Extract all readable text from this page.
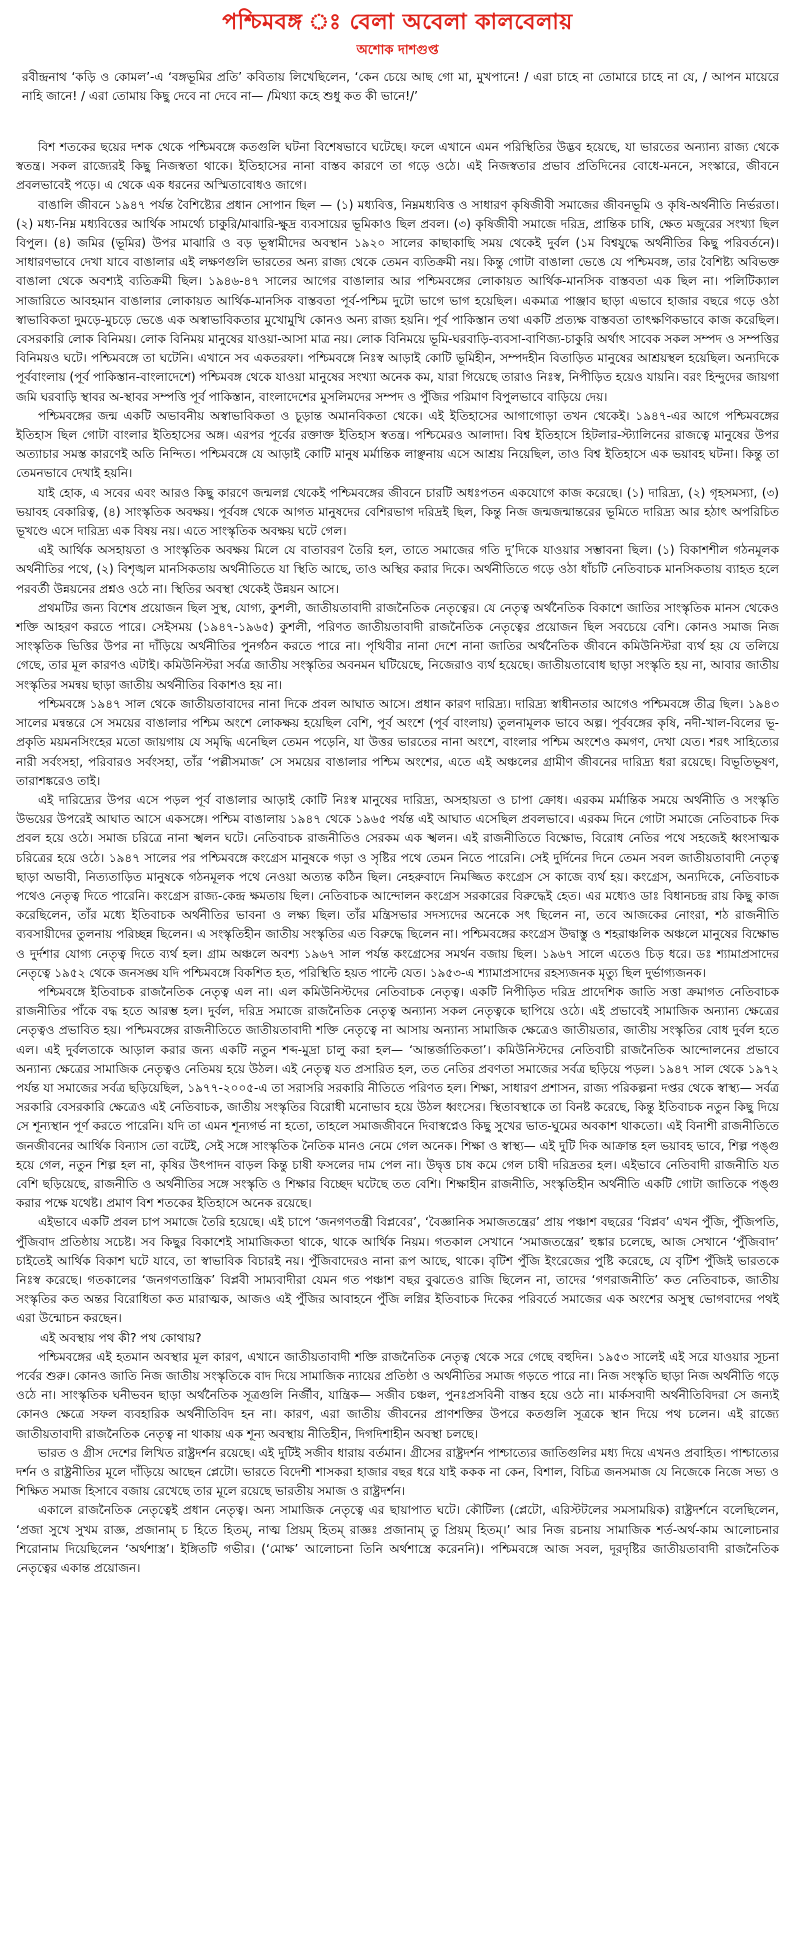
পশ্চিমবঙ্গ ঃ বেলা অবেলা কালবেলায়
অশোক দাশগুপ্ত
রবীন্দ্রনাথ ‘কড়ি ও কোমল’-এ ‘বঙ্গভূমির প্রতি’ কবিতায় লিখেছিলেন, ‘কেন চেয়ে আছ গো মা, মুখপানে! / এরা চাহে না তোমারে চাহে না যে, / আপন মায়েরে নাহি জানে! / এরা তোমায় কিছু দেবে না দেবে না— /মিথ্যা কহে শুধু কত কী ভানে!/’

বিশ শতকের ছয়ের দশক থেকে পশ্চিমবঙ্গে কতগুলি ঘটনা বিশেষভাবে ঘটেছে। ফলে এখানে এমন পরিস্থিতির উদ্ভব হয়েছে, যা ভারতের অন্যান্য রাজ্য থেকে স্বতন্ত্র। সকল রাজ্যেরই কিছু নিজস্বতা থাকে। ইতিহাসের নানা বাস্তব কারণে তা গড়ে ওঠে। এই নিজস্বতার প্রভাব প্রতিদিনের বোধে-মননে, সংস্কারে, জীবনে প্রবলভাবেই পড়ে। এ থেকে এক ধরনের অস্মিতাবোধও জাগে।

বাঙালি জীবনে ১৯৪৭ পর্যন্ত বৈশিষ্ট্যের প্রধান সোপান ছিল — (১) মধ্যবিত্ত, নিম্নমধ্যবিত্ত ও সাধারণ কৃষিজীবী সমাজের জীবনভূমি ও কৃষি-অর্থনীতি নির্ভরতা। (২) মধ্য-নিম্ন মধ্যবিত্তের আর্থিক সামর্থ্যে চাকুরি/মাঝারি-ক্ষুদ্র ব্যবসায়ের ভূমিকাও ছিল প্রবল। (৩) কৃষিজীবী সমাজে দরিদ্র, প্রান্তিক চাষি, ক্ষেত মজুরের সংখ্যা ছিল বিপুল। (৪) জমির (ভূমির) উপর মাঝারি ও বড় ভূস্বামীদের অবস্থান ১৯২০ সালের কাছাকাছি সময় থেকেই দুর্বল (১ম বিশ্বযুদ্ধে অর্থনীতির কিছু পরিবর্তনে)। সাধারণভাবে দেখা যাবে বাঙালার এই লক্ষণগুলি ভারতের অন্য রাজ্য থেকে তেমন ব্যতিক্রমী নয়। কিন্তু গোটা বাঙালা ভেঙে যে পশ্চিমবঙ্গ, তার বৈশিষ্ট্য অবিভক্ত বাঙালা থেকে অবশ্যই ব্যতিক্রমী ছিল। ১৯৪৬-৪৭ সালের আগের বাঙালার আর পশ্চিমবঙ্গের লোকায়ত আর্থিক-মানসিক বাস্তবতা এক ছিল না। পলিটিক্যাল সাজারিতে আবহমান বাঙালার লোকায়ত আর্থিক-মানসিক বাস্তবতা পূর্ব-পশ্চিম দুটো ভাগে ভাগ হয়েছিল। একমাত্র পাঞ্জাব ছাড়া এভাবে হাজার বছরে গড়ে ওঠা স্বাভাবিকতা দুমড়ে-মুচড়ে ভেঙে এক অস্বাভাবিকতার মুখোমুখি কোনও অন্য রাজ্য হয়নি। পূর্ব পাকিস্তান তথা একটি প্রত্যক্ষ বাস্তবতা তাৎক্ষণিকভাবে কাজ করেছিল। বেসরকারি লোক বিনিময়। লোক বিনিময় মানুষের যাওয়া-আসা মাত্র নয়। লোক বিনিময়ে ভূমি-ঘরবাড়ি-ব্যবসা-বাণিজ্য-চাকুরি অর্থাৎ সাবেক সকল সম্পদ ও সম্পত্তির বিনিময়ও ঘটে। পশ্চিমবঙ্গে তা ঘটেনি। এখানে সব একতরফা। পশ্চিমবঙ্গে নিঃস্ব আড়াই কোটি ভূমিহীন, সম্পদহীন বিতাড়িত মানুষের আশ্রয়স্থল হয়েছিল। অন্যদিকে পূর্ববাংলায় (পূর্ব পাকিস্তান-বাংলাদেশে) পশ্চিমবঙ্গ থেকে যাওয়া মানুষের সংখ্যা অনেক কম, যারা গিয়েছে তারাও নিঃস্ব, নিপীড়িত হয়েও যায়নি। বরং হিন্দুদের জায়গা জমি ঘরবাড়ি স্থাবর অ-স্থাবর সম্পত্তি পূর্ব পাকিস্তান, বাংলাদেশের মুসলিমদের সম্পদ ও পুঁজির পরিমাণ বিপুলভাবে বাড়িয়ে দেয়।

পশ্চিমবঙ্গের জন্ম একটি অভাবনীয় অস্বাভাবিকতা ও চূড়ান্ত অমানবিকতা থেকে। এই ইতিহাসের আগাগোড়া তখন থেকেই। ১৯৪৭-এর আগে পশ্চিমবঙ্গের ইতিহাস ছিল গোটা বাংলার ইতিহাসের অঙ্গ। এরপর পূর্বের রক্তাক্ত ইতিহাস স্বতন্ত্র। পশ্চিমেরও আলাদা। বিশ্ব ইতিহাসে হিটলার-স্ট্যালিনের রাজত্বে মানুষের উপর অত্যাচার সমস্ত কারণেই অতি নিন্দিত। পশ্চিমবঙ্গে যে আড়াই কোটি মানুষ মর্মান্তিক লাঞ্ছনায় এসে আশ্রয় নিয়েছিল, তাও বিশ্ব ইতিহাসে এক ভয়াবহ ঘটনা। কিন্তু তা তেমনভাবে দেখাই হয়নি।

যাই হোক, এ সবের এবং আরও কিছু কারণে জন্মলগ্ন থেকেই পশ্চিমবঙ্গের জীবনে চারটি অধঃপতন একযোগে কাজ করেছে। (১) দারিদ্র্য, (২) গৃহসমস্যা, (৩) ভয়াবহ বেকারিত্ব, (৪) সাংস্কৃতিক অবক্ষয়। পূর্ববঙ্গ থেকে আগত মানুষদের বেশিরভাগ দরিদ্রই ছিল, কিন্তু নিজ জন্মজন্মান্তরের ভূমিতে দারিদ্র্য আর হঠাৎ অপরিচিত ভূখণ্ডে এসে দারিদ্র্য এক বিষয় নয়। এতে সাংস্কৃতিক অবক্ষয় ঘটে গেল।

এই আর্থিক অসহায়তা ও সাংস্কৃতিক অবক্ষয় মিলে যে বাতাবরণ তৈরি হল, তাতে সমাজের গতি দু’দিকে যাওয়ার সম্ভাবনা ছিল। (১) বিকাশশীল গঠনমূলক অর্থনীতির পথে, (২) বিশৃঙ্খল মানসিকতায় অর্থনীতিতে যা স্থিতি আছে, তাও অস্থির করার দিকে। অর্থনীতিতে গড়ে ওঠা ধাঁচটি নেতিবাচক মানসিকতায় ব্যাহত হলে পরবর্তী উন্নয়নের প্রশ্নও ওঠে না। স্থিতির অবস্থা থেকেই উন্নয়ন আসে।

প্রথমটির জন্য বিশেষ প্রয়োজন ছিল সুস্থ, যোগ্য, কুশলী, জাতীয়তাবাদী রাজনৈতিক নেতৃত্বের। যে নেতৃত্ব অর্থনৈতিক বিকাশে জাতির সাংস্কৃতিক মানস থেকেও শক্তি আহরণ করতে পারে। সেইসময় (১৯৪৭-১৯৬৫) কুশলী, পরিণত জাতীয়তাবাদী রাজনৈতিক নেতৃত্বের প্রয়োজন ছিল সবচেয়ে বেশি। কোনও সমাজ নিজ সাংস্কৃতিক ভিত্তির উপর না দাঁড়িয়ে অর্থনীতির পুনর্গঠন করতে পারে না। পৃথিবীর নানা দেশে নানা জাতির অর্থনৈতিক জীবনে কমিউনিস্টরা ব্যর্থ হয় যে তলিয়ে গেছে, তার মূল কারণও এটাই। কমিউনিস্টরা সর্বত্র জাতীয় সংস্কৃতির অবনমন ঘটিয়েছে, নিজেরাও ব্যর্থ হয়েছে। জাতীয়তাবোধ ছাড়া সংস্কৃতি হয় না, আবার জাতীয় সংস্কৃতির সমন্বয় ছাড়া জাতীয় অর্থনীতির বিকাশও হয় না।

পশ্চিমবঙ্গে ১৯৪৭ সাল থেকে জাতীয়তাবাদের নানা দিকে প্রবল আঘাত আসে। প্রধান কারণ দারিদ্র্য। দারিদ্র্য স্বাধীনতার আগেও পশ্চিমবঙ্গে তীব্র ছিল। ১৯৪৩ সালের মন্বন্তরে সে সময়ের বাঙালার পশ্চিম অংশে লোকক্ষয় হয়েছিল বেশি, পূর্ব অংশে (পূর্ব বাংলায়) তুলনামূলক ভাবে অল্প। পূর্ববঙ্গের কৃষি, নদী-খাল-বিলের ভূ-প্রকৃতি ময়মনসিংহের মতো জায়গায় যে সমৃদ্ধি এনেছিল তেমন পড়েনি, যা উত্তর ভারতের নানা অংশে, বাংলার পশ্চিম অংশেও কমগণ, দেখা যেত। শরৎ সাহিত্যের নারী সর্বংসহা, পরিবারও সর্বংসহা, তাঁর ‘পল্লীসমাজ’ সে সময়ের বাঙালার পশ্চিম অংশের, এতে এই অঞ্চলের গ্রামীণ জীবনের দারিদ্র্য ধরা রয়েছে। বিভূতিভূষণ, তারাশঙ্করেও তাই।

এই দারিদ্র্যের উপর এসে পড়ল পূর্ব বাঙালার আড়াই কোটি নিঃস্ব মানুষের দারিদ্র্য, অসহায়তা ও চাপা ক্রোধ। এরকম মর্মান্তিক সময়ে অর্থনীতি ও সংস্কৃতি উভয়ের উপরেই আঘাত আসে একসঙ্গে। পশ্চিম বাঙালায় ১৯৪৭ থেকে ১৯৬৫ পর্যন্ত এই আঘাত এসেছিল প্রবলভাবে। এরকম দিনে গোটা সমাজে নেতিবাচক দিক প্রবল হয়ে ওঠে। সমাজ চরিত্রে নানা স্খলন ঘটে। নেতিবাচক রাজনীতিও সেরকম এক স্খলন। এই রাজনীতিতে বিক্ষোভ, বিরোধ নেতির পথে সহজেই ধ্বংসাত্মক চরিত্রের হয়ে ওঠে। ১৯৪৭ সালের পর পশ্চিমবঙ্গে কংগ্রেস মানুষকে গড়া ও সৃষ্টির পথে তেমন নিতে পারেনি। সেই দুর্দিনের দিনে তেমন সবল জাতীয়তাবাদী নেতৃত্ব ছাড়া অভাবী, নিত্যতাড়িত মানুষকে গঠনমূলক পথে নেওয়া অত্যন্ত কঠিন ছিল। নেহরুবাদে নিমজ্জিত কংগ্রেস সে কাজে ব্যর্থ হয়। কংগ্রেস, অন্যদিকে, নেতিবাচক পথেও নেতৃত্ব দিতে পারেনি। কংগ্রেস রাজ্য-কেন্দ্র ক্ষমতায় ছিল। নেতিবাচক আন্দোলন কংগ্রেস সরকারের বিরুদ্ধেই হেত। এর মধ্যেও ডাঃ বিধানচন্দ্র রায় কিছু কাজ করেছিলেন, তাঁর মধ্যে ইতিবাচক অর্থনীতির ভাবনা ও লক্ষ্য ছিল। তাঁর মন্ত্রিসভার সদস্যদের অনেকে সৎ ছিলেন না, তবে আজকের নোংরা, শঠ রাজনীতি ব্যবসায়ীদের তুলনায় পরিচ্ছন্ন ছিলেন। এ সংস্কৃতিহীন জাতীয় সংস্কৃতির এত বিরুদ্ধে ছিলেন না। পশ্চিমবঙ্গের কংগ্রেস উদ্বাস্তু ও শহরাঞ্চলিক অঞ্চলে মানুষের বিক্ষোভ ও দুর্দশার যোগ্য নেতৃত্ব দিতে ব্যর্থ হল। গ্রাম অঞ্চলে অবশ্য ১৯৬৭ সাল পর্যন্ত কংগ্রেসের সমর্থন বজায় ছিল। ১৯৬৭ সালে এতেও চিড় ধরে। ডঃ শ্যামাপ্রসাদের নেতৃত্বে ১৯৫২ থেকে জনসঙ্ঘ যদি পশ্চিমবঙ্গে বিকশিত হত, পরিস্থিতি হয়ত পাল্টে যেত। ১৯৫৩-এ শ্যামাপ্রসাদের রহস্যজনক মৃত্যু ছিল দুর্ভাগ্যজনক।

পশ্চিমবঙ্গে ইতিবাচক রাজনৈতিক নেতৃত্ব এল না। এল কমিউনিস্টদের নেতিবাচক নেতৃত্ব। একটি নিপীড়িত দরিদ্র প্রাদেশিক জাতি সত্তা ক্রমাগত নেতিবাচক রাজনীতির পাঁকে বদ্ধ হতে আরম্ভ হল। দুর্বল, দরিদ্র সমাজে রাজনৈতিক নেতৃত্ব অন্যান্য সকল নেতৃত্বকে ছাপিয়ে ওঠে। এই প্রভাবেই সামাজিক অন্যান্য ক্ষেত্রের নেতৃত্বও প্রভাবিত হয়। পশ্চিমবঙ্গের রাজনীতিতে জাতীয়তাবাদী শক্তি নেতৃত্বে না আসায় অন্যান্য সামাজিক ক্ষেত্রেও জাতীয়তার, জাতীয় সংস্কৃতির বোধ দুর্বল হতে এল। এই দুর্বলতাকে আড়াল করার জন্য একটি নতুন শব্দ-মুদ্রা চালু করা হল— ‘আন্তর্জাতিকতা’। কমিউনিস্টদের নেতিবাচী রাজনৈতিক আন্দোলনের প্রভাবে অন্যান্য ক্ষেত্রের সামাজিক নেতৃত্বও নেতিময় হয়ে উঠল। এই নেতৃত্ব যত প্রসারিত হল, তত নেতির প্রবণতা সমাজের সর্বত্র ছড়িয়ে পড়ল। ১৯৪৭ সাল থেকে ১৯৭২ পর্যন্ত যা সমাজের সর্বত্র ছড়িয়েছিল, ১৯৭৭-২০০৫-এ তা সরাসরি সরকারি নীতিতে পরিণত হল। শিক্ষা, সাধারণ প্রশাসন, রাজ্য পরিকল্পনা দপ্তর থেকে স্বাস্থ্য— সর্বত্র সরকারি বেসরকারি ক্ষেত্রেও এই নেতিবাচক, জাতীয় সংস্কৃতির বিরোধী মনোভাব হয়ে উঠল ধ্বংসের। স্থিতাবস্থাকে তা বিনষ্ট করেছে, কিন্তু ইতিবাচক নতুন কিছু দিয়ে সে শূন্যস্থান পূর্ণ করতে পারেনি। যদি তা এমন শূন্যগর্ভ না হতো, তাহলে সমাজজীবনে দিবাস্বপ্নেও কিছু সুখের ভাত-ঘুমের অবকাশ থাকতো। এই বিনাশী রাজনীতিতে জনজীবনের আর্থিক বিন্যাস তো বটেই, সেই সঙ্গে সাংস্কৃতিক নৈতিক মানও নেমে গেল অনেক। শিক্ষা ও স্বাস্থ্য— এই দুটি দিক আক্রান্ত হল ভয়াবহ ভাবে, শিল্প পঙ্গু হয়ে গেল, নতুন শিল্প হল না, কৃষির উৎপাদন বাড়ল কিন্তু চাষী ফসলের দাম পেল না। উদ্বৃত্ত চাষ কমে গেল চাষী দরিদ্রতর হল। এইভাবে নেতিবাদী রাজনীতি যত বেশি ছড়িয়েছে, রাজনীতি ও অর্থনীতির সঙ্গে সংস্কৃতি ও শিক্ষার বিচ্ছেদ ঘটেছে তত বেশি। শিক্ষাহীন রাজনীতি, সংস্কৃতিহীন অর্থনীতি একটি গোটা জাতিকে পঙ্গু করার পক্ষে যথেষ্ট। প্রমাণ বিশ শতকের ইতিহাসে অনেক রয়েছে।

এইভাবে একটি প্রবল চাপ সমাজে তৈরি হয়েছে। এই চাপে ‘জনগণতন্ত্রী বিপ্লবের’, ‘বৈজ্ঞানিক সমাজতন্ত্রের’ প্রায় পঞ্চাশ বছরের ‘বিপ্লব’ এখন পুঁজি, পুঁজিপতি, পুঁজিবাদ প্রতিষ্ঠায় সচেষ্ট। সব কিছুর বিকাশেই সামাজিকতা থাকে, থাকে আর্থিক নিয়ম। গতকাল সেখানে ‘সমাজতন্ত্রের’ হুঙ্কার চলেছে, আজ সেখানে ‘পুঁজিবাদ’ চাইতেই আর্থিক বিকাশ ঘটে যাবে, তা স্বাভাবিক বিচারই নয়। পুঁজিবাদেরও নানা রূপ আছে, থাকে। বৃটিশ পুঁজি ইংরেজের পুষ্টি করেছে, যে বৃটিশ পুঁজিই ভারতকে নিঃস্ব করেছে। গতকালের ‘জনগণতান্ত্রিক’ বিপ্লবী সাম্যবাদীরা যেমন গত পঞ্চাশ বছর বুঝতেও রাজি ছিলেন না, তাদের ‘গণরাজনীতি’ কত নেতিবাচক, জাতীয় সংস্কৃতির কত অন্তর বিরোধিতা কত মারাত্মক, আজও এই পুঁজির আবাহনে পুঁজি লগ্নির ইতিবাচক দিকের পরিবর্তে সমাজের এক অংশের অসুস্থ ভোগবাদের পথই এরা উন্মোচন করছেন।

এই অবস্থায় পথ কী? পথ কোথায়?

পশ্চিমবঙ্গের এই হতমান অবস্থার মূল কারণ, এখানে জাতীয়তাবাদী শক্তি রাজনৈতিক নেতৃত্ব থেকে সরে গেছে বহুদিন। ১৯৫৩ সালেই এই সরে যাওয়ার সূচনা পর্বের শুরু। কোনও জাতি নিজ জাতীয় সংস্কৃতিকে বাদ দিয়ে সামাজিক ন্যায়ের প্রতিষ্ঠা ও অর্থনীতির সমাজ গড়তে পারে না। নিজ সংস্কৃতি ছাড়া নিজ অর্থনীতি গড়ে ওঠে না। সাংস্কৃতিক ঘনীভবন ছাড়া অর্থনৈতিক সূত্রগুলি নির্জীব, যান্ত্রিক— সজীব চঞ্চল, পুনঃপ্রসবিনী বাস্তব হয়ে ওঠে না। মার্কসবাদী অর্থনীতিবিদরা সে জন্যই কোনও ক্ষেত্রে সফল ব্যবহারিক অর্থনীতিবিদ হন না। কারণ, এরা জাতীয় জীবনের প্রাণশক্তির উপরে কতগুলি সূত্রকে স্থান দিয়ে পথ চলেন। এই রাজ্যে জাতীয়তাবাদী রাজনৈতিক নেতৃত্ব না থাকায় এক শূন্য অবস্থায় নীতিহীন, দিগদিশাহীন অবস্থা চলছে।

ভারত ও গ্রীস দেশের লিখিত রাষ্ট্রদর্শন রয়েছে। এই দুটিই সজীব ধারায় বর্তমান। গ্রীসের রাষ্ট্রদর্শন পাশ্চাত্যের জাতিগুলির মধ্য দিয়ে এখনও প্রবাহিত। পাশ্চাত্যের দর্শন ও রাষ্ট্রনীতির মূলে দাঁড়িয়ে আছেন প্লেটো। ভারতে বিদেশী শাসকরা হাজার বছর ধরে যাই ককক না কেন, বিশাল, বিচিত্র জনসমাজ যে নিজেকে নিজে সভ্য ও শিক্ষিত সমাজ হিসাবে বজায় রেখেছে তার মূলে রয়েছে ভারতীয় সমাজ ও রাষ্ট্রদর্শন।

একালে রাজনৈতিক নেতৃত্বেই প্রধান নেতৃত্ব। অন্য সামাজিক নেতৃত্বে এর ছায়াপাত ঘটে। কৌটিল্য (প্লেটো, এরিস্টটলের সমসাময়িক) রাষ্ট্রদর্শনে বলেছিলেন, ‘প্রজা সুখে সুখম রাজ্ঞ, প্রজানাম্ চ হিতে হিতম্, নাত্ম প্রিয়ম্ হিতম্ রাজ্ঞঃ প্রজানাম্ তু প্রিয়ম্ হিতম্।’ আর নিজ রচনায় সামাজিক শর্ত-অর্থ-কাম আলোচনার শিরোনাম দিয়েছিলেন ‘অর্থশাস্ত্র’। ইঙ্গিতটি গভীর। (‘মোক্ষ’ আলোচনা তিনি অর্থশাস্ত্রে করেননি)। পশ্চিমবঙ্গে আজ সবল, দূরদৃষ্টির জাতীয়তাবাদী রাজনৈতিক নেতৃত্বের একান্ত প্রয়োজন।
